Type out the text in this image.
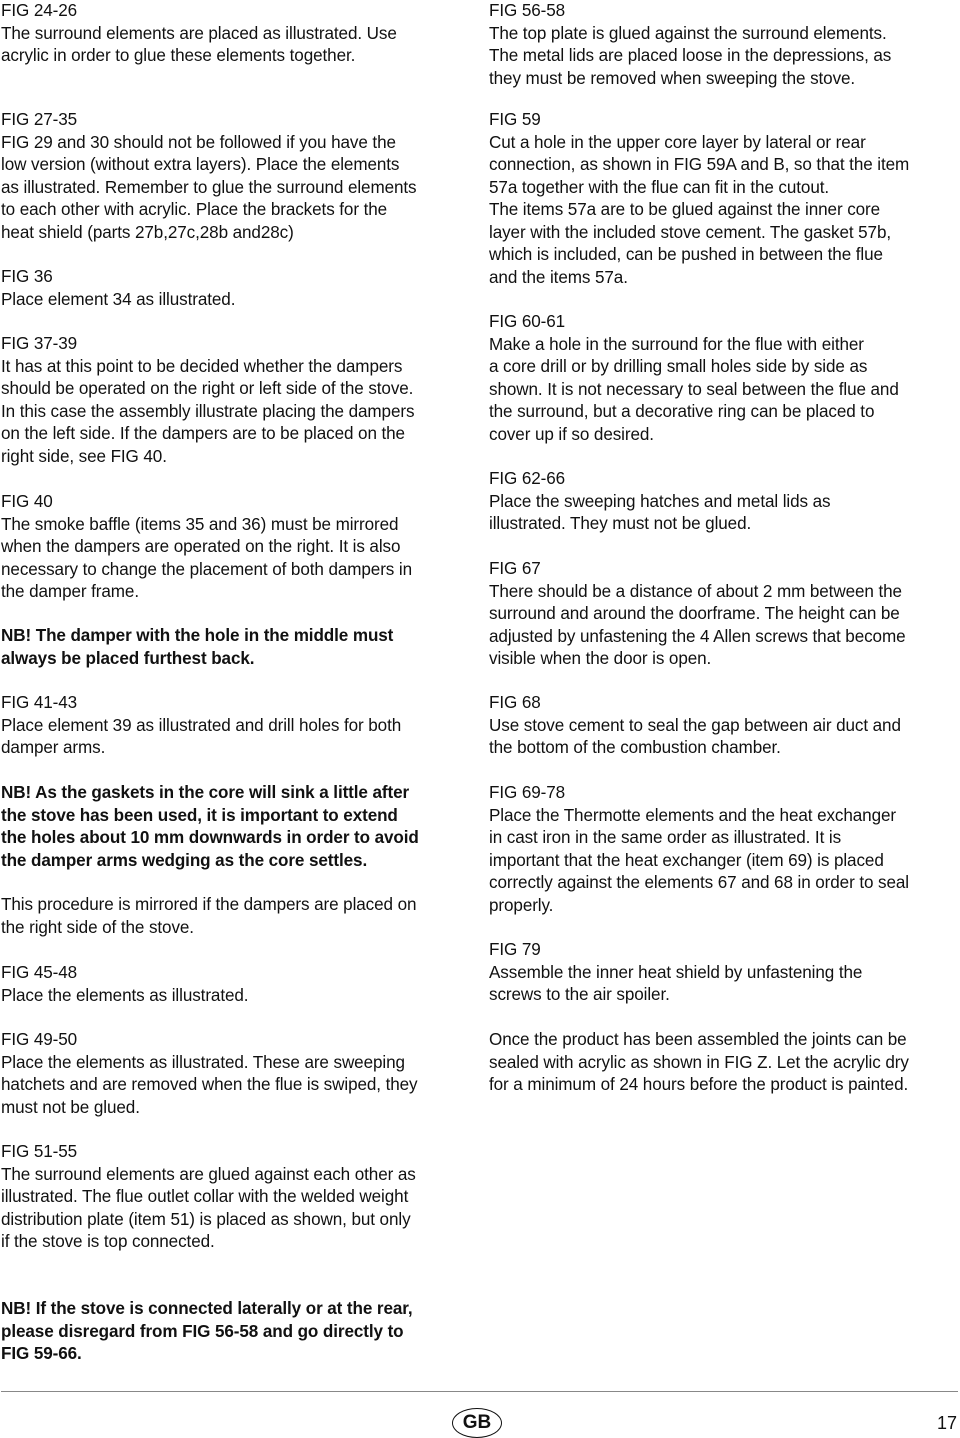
FIG 24-26
The surround elements are placed as illustrated. Use
acrylic in order to glue these elements together.
FIG 27-35
FIG 29 and 30 should not be followed if you have the
low version (without extra layers). Place the elements
as illustrated. Remember to glue the surround elements
to each other with acrylic. Place the brackets for the
heat shield (parts 27b,27c,28b and28c)
FIG 36
Place element 34 as illustrated.
FIG 37-39
It has at this point to be decided whether the dampers
should be operated on the right or left side of the stove.
In this case the assembly illustrate placing the dampers
on the left side. If the dampers are to be placed on the
right side, see FIG 40.
FIG 40
The smoke baffle (items 35 and 36) must be mirrored
when the dampers are operated on the right. It is also
necessary to change the placement of both dampers in
the damper frame.
NB! The damper with the hole in the middle must
always be placed furthest back.
FIG 41-43
Place element 39 as illustrated and drill holes for both
damper arms.
NB! As the gaskets in the core will sink a little after
the stove has been used, it is important to extend
the holes about 10 mm downwards in order to avoid
the damper arms wedging as the core settles.
This procedure is mirrored if the dampers are placed on
the right side of the stove.
FIG 45-48
Place the elements as illustrated.
FIG 49-50
Place the elements as illustrated. These are sweeping
hatchets and are removed when the flue is swiped, they
must not be glued.
FIG 51-55
The surround elements are glued against each other as
illustrated. The flue outlet collar with the welded weight
distribution plate (item 51) is placed as shown, but only
if the stove is top connected.
NB! If the stove is connected laterally or at the rear,
please disregard from FIG 56-58 and go directly to
FIG 59-66.
FIG 56-58
The top plate is glued against the surround elements.
The metal lids are placed loose in the depressions, as
they must be removed when sweeping the stove.
FIG 59
Cut a hole in the upper core layer by lateral or rear
connection, as shown in FIG 59A and B, so that the item
57a together with the flue can fit in the cutout.
The items 57a are to be glued against the inner core
layer with the included stove cement. The gasket 57b,
which is included, can be pushed in between the flue
and the items 57a.
FIG 60-61
Make a hole in the surround for the flue with either
a core drill or by drilling small holes side by side as
shown. It is not necessary to seal between the flue and
the surround, but a decorative ring can be placed to
cover up if so desired.
FIG 62-66
Place the sweeping hatches and metal lids as
illustrated. They must not be glued.
FIG 67
There should be a distance of about 2 mm between the
surround and around the doorframe. The height can be
adjusted by unfastening the 4 Allen screws that become
visible when the door is open.
FIG 68
Use stove cement to seal the gap between air duct and
the bottom of the combustion chamber.
FIG 69-78
Place the Thermotte elements and the heat exchanger
in cast iron in the same order as illustrated. It is
important that the heat exchanger (item 69) is placed
correctly against the elements 67 and 68 in order to seal
properly.
FIG 79
Assemble the inner heat shield by unfastening the
screws to the air spoiler.
Once the product has been assembled the joints can be
sealed with acrylic as shown in FIG Z. Let the acrylic dry
for a minimum of 24 hours before the product is painted.
GB	17
